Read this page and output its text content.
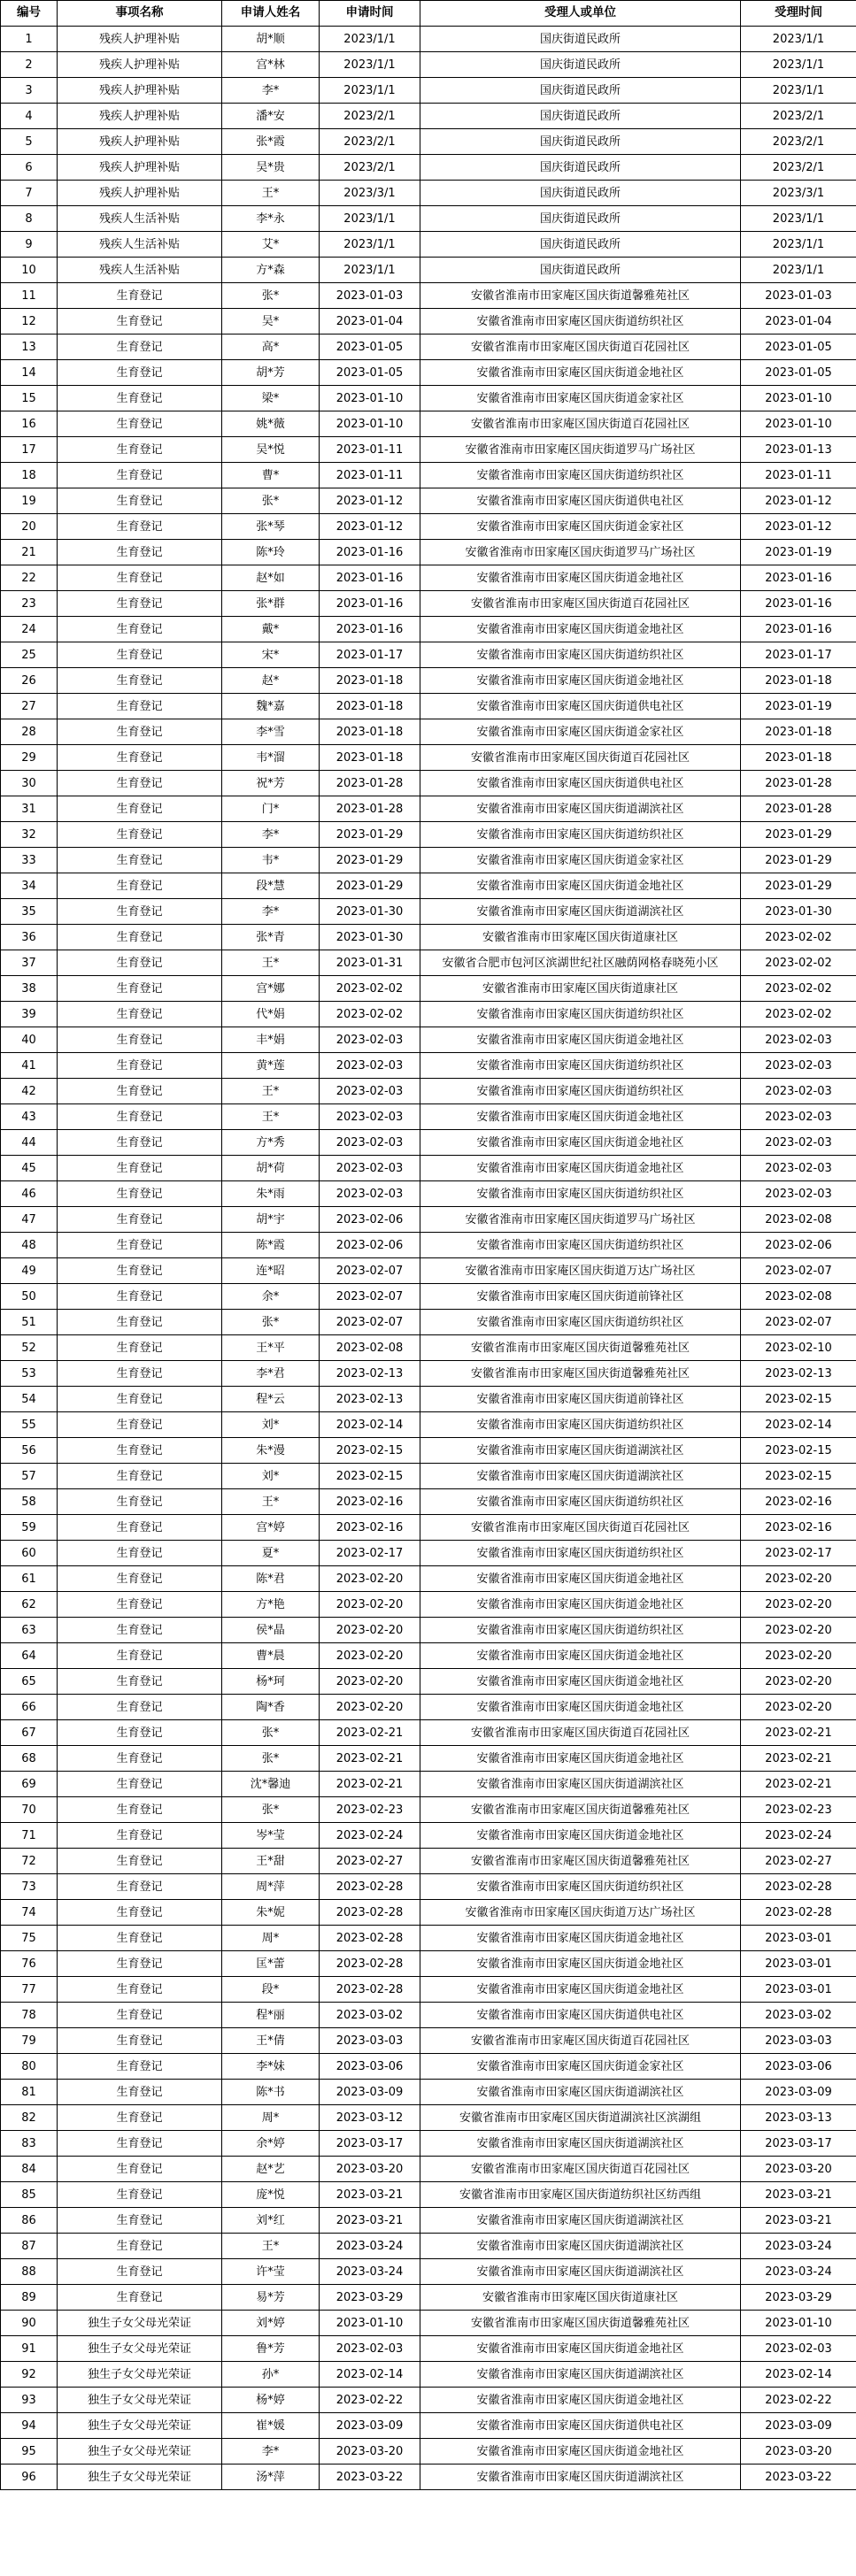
编号	事项名称	申请人姓名	申请时间	受理人或单位	受理时间
1	残疾人护理补贴	胡*顺	2023/1/1	国庆街道民政所	2023/1/1
2	残疾人护理补贴	宫*林	2023/1/1	国庆街道民政所	2023/1/1
3	残疾人护理补贴	李*	2023/1/1	国庆街道民政所	2023/1/1
4	残疾人护理补贴	潘*安	2023/2/1	国庆街道民政所	2023/2/1
5	残疾人护理补贴	张*霞	2023/2/1	国庆街道民政所	2023/2/1
6	残疾人护理补贴	吴*贵	2023/2/1	国庆街道民政所	2023/2/1
7	残疾人护理补贴	王*	2023/3/1	国庆街道民政所	2023/3/1
8	残疾人生活补贴	李*永	2023/1/1	国庆街道民政所	2023/1/1
9	残疾人生活补贴	艾*	2023/1/1	国庆街道民政所	2023/1/1
10	残疾人生活补贴	方*森	2023/1/1	国庆街道民政所	2023/1/1
11	生育登记	张*	2023-01-03	安徽省淮南市田家庵区国庆街道馨雅苑社区	2023-01-03
12	生育登记	吴*	2023-01-04	安徽省淮南市田家庵区国庆街道纺织社区	2023-01-04
13	生育登记	高*	2023-01-05	安徽省淮南市田家庵区国庆街道百花园社区	2023-01-05
14	生育登记	胡*芳	2023-01-05	安徽省淮南市田家庵区国庆街道金地社区	2023-01-05
15	生育登记	梁*	2023-01-10	安徽省淮南市田家庵区国庆街道金家社区	2023-01-10
16	生育登记	姚*薇	2023-01-10	安徽省淮南市田家庵区国庆街道百花园社区	2023-01-10
17	生育登记	吴*悦	2023-01-11	安徽省淮南市田家庵区国庆街道罗马广场社区	2023-01-13
18	生育登记	曹*	2023-01-11	安徽省淮南市田家庵区国庆街道纺织社区	2023-01-11
19	生育登记	张*	2023-01-12	安徽省淮南市田家庵区国庆街道供电社区	2023-01-12
20	生育登记	张*琴	2023-01-12	安徽省淮南市田家庵区国庆街道金家社区	2023-01-12
21	生育登记	陈*玲	2023-01-16	安徽省淮南市田家庵区国庆街道罗马广场社区	2023-01-19
22	生育登记	赵*如	2023-01-16	安徽省淮南市田家庵区国庆街道金地社区	2023-01-16
23	生育登记	张*群	2023-01-16	安徽省淮南市田家庵区国庆街道百花园社区	2023-01-16
24	生育登记	戴*	2023-01-16	安徽省淮南市田家庵区国庆街道金地社区	2023-01-16
25	生育登记	宋*	2023-01-17	安徽省淮南市田家庵区国庆街道纺织社区	2023-01-17
26	生育登记	赵*	2023-01-18	安徽省淮南市田家庵区国庆街道金地社区	2023-01-18
27	生育登记	魏*嘉	2023-01-18	安徽省淮南市田家庵区国庆街道供电社区	2023-01-19
28	生育登记	李*雪	2023-01-18	安徽省淮南市田家庵区国庆街道金家社区	2023-01-18
29	生育登记	韦*溜	2023-01-18	安徽省淮南市田家庵区国庆街道百花园社区	2023-01-18
30	生育登记	祝*芳	2023-01-28	安徽省淮南市田家庵区国庆街道供电社区	2023-01-28
31	生育登记	门*	2023-01-28	安徽省淮南市田家庵区国庆街道湖滨社区	2023-01-28
32	生育登记	李*	2023-01-29	安徽省淮南市田家庵区国庆街道纺织社区	2023-01-29
33	生育登记	韦*	2023-01-29	安徽省淮南市田家庵区国庆街道金家社区	2023-01-29
34	生育登记	段*慧	2023-01-29	安徽省淮南市田家庵区国庆街道金地社区	2023-01-29
35	生育登记	李*	2023-01-30	安徽省淮南市田家庵区国庆街道湖滨社区	2023-01-30
36	生育登记	张*青	2023-01-30	安徽省淮南市田家庵区国庆街道康社区	2023-02-02
37	生育登记	王*	2023-01-31	安徽省合肥市包河区滨湖世纪社区融荫网格春晓苑小区	2023-02-02
38	生育登记	宫*娜	2023-02-02	安徽省淮南市田家庵区国庆街道康社区	2023-02-02
39	生育登记	代*娟	2023-02-02	安徽省淮南市田家庵区国庆街道纺织社区	2023-02-02
40	生育登记	丰*娟	2023-02-03	安徽省淮南市田家庵区国庆街道金地社区	2023-02-03
41	生育登记	黄*莲	2023-02-03	安徽省淮南市田家庵区国庆街道纺织社区	2023-02-03
42	生育登记	王*	2023-02-03	安徽省淮南市田家庵区国庆街道纺织社区	2023-02-03
43	生育登记	王*	2023-02-03	安徽省淮南市田家庵区国庆街道金地社区	2023-02-03
44	生育登记	方*秀	2023-02-03	安徽省淮南市田家庵区国庆街道金地社区	2023-02-03
45	生育登记	胡*荷	2023-02-03	安徽省淮南市田家庵区国庆街道金地社区	2023-02-03
46	生育登记	朱*雨	2023-02-03	安徽省淮南市田家庵区国庆街道纺织社区	2023-02-03
47	生育登记	胡*宇	2023-02-06	安徽省淮南市田家庵区国庆街道罗马广场社区	2023-02-08
48	生育登记	陈*霞	2023-02-06	安徽省淮南市田家庵区国庆街道纺织社区	2023-02-06
49	生育登记	连*昭	2023-02-07	安徽省淮南市田家庵区国庆街道万达广场社区	2023-02-07
50	生育登记	余*	2023-02-07	安徽省淮南市田家庵区国庆街道前锋社区	2023-02-08
51	生育登记	张*	2023-02-07	安徽省淮南市田家庵区国庆街道纺织社区	2023-02-07
52	生育登记	王*平	2023-02-08	安徽省淮南市田家庵区国庆街道馨雅苑社区	2023-02-10
53	生育登记	李*君	2023-02-13	安徽省淮南市田家庵区国庆街道馨雅苑社区	2023-02-13
54	生育登记	程*云	2023-02-13	安徽省淮南市田家庵区国庆街道前锋社区	2023-02-15
55	生育登记	刘*	2023-02-14	安徽省淮南市田家庵区国庆街道纺织社区	2023-02-14
56	生育登记	朱*漫	2023-02-15	安徽省淮南市田家庵区国庆街道湖滨社区	2023-02-15
57	生育登记	刘*	2023-02-15	安徽省淮南市田家庵区国庆街道湖滨社区	2023-02-15
58	生育登记	王*	2023-02-16	安徽省淮南市田家庵区国庆街道纺织社区	2023-02-16
59	生育登记	宫*婷	2023-02-16	安徽省淮南市田家庵区国庆街道百花园社区	2023-02-16
60	生育登记	夏*	2023-02-17	安徽省淮南市田家庵区国庆街道纺织社区	2023-02-17
61	生育登记	陈*君	2023-02-20	安徽省淮南市田家庵区国庆街道金地社区	2023-02-20
62	生育登记	方*艳	2023-02-20	安徽省淮南市田家庵区国庆街道金地社区	2023-02-20
63	生育登记	侯*晶	2023-02-20	安徽省淮南市田家庵区国庆街道纺织社区	2023-02-20
64	生育登记	曹*晨	2023-02-20	安徽省淮南市田家庵区国庆街道金地社区	2023-02-20
65	生育登记	杨*珂	2023-02-20	安徽省淮南市田家庵区国庆街道金地社区	2023-02-20
66	生育登记	陶*香	2023-02-20	安徽省淮南市田家庵区国庆街道金地社区	2023-02-20
67	生育登记	张*	2023-02-21	安徽省淮南市田家庵区国庆街道百花园社区	2023-02-21
68	生育登记	张*	2023-02-21	安徽省淮南市田家庵区国庆街道金地社区	2023-02-21
69	生育登记	沈*馨迪	2023-02-21	安徽省淮南市田家庵区国庆街道湖滨社区	2023-02-21
70	生育登记	张*	2023-02-23	安徽省淮南市田家庵区国庆街道馨雅苑社区	2023-02-23
71	生育登记	岑*莹	2023-02-24	安徽省淮南市田家庵区国庆街道金地社区	2023-02-24
72	生育登记	王*甜	2023-02-27	安徽省淮南市田家庵区国庆街道馨雅苑社区	2023-02-27
73	生育登记	周*萍	2023-02-28	安徽省淮南市田家庵区国庆街道纺织社区	2023-02-28
74	生育登记	朱*妮	2023-02-28	安徽省淮南市田家庵区国庆街道万达广场社区	2023-02-28
75	生育登记	周*	2023-02-28	安徽省淮南市田家庵区国庆街道金地社区	2023-03-01
76	生育登记	匡*蕾	2023-02-28	安徽省淮南市田家庵区国庆街道金地社区	2023-03-01
77	生育登记	段*	2023-02-28	安徽省淮南市田家庵区国庆街道金地社区	2023-03-01
78	生育登记	程*丽	2023-03-02	安徽省淮南市田家庵区国庆街道供电社区	2023-03-02
79	生育登记	王*倩	2023-03-03	安徽省淮南市田家庵区国庆街道百花园社区	2023-03-03
80	生育登记	李*妹	2023-03-06	安徽省淮南市田家庵区国庆街道金家社区	2023-03-06
81	生育登记	陈*书	2023-03-09	安徽省淮南市田家庵区国庆街道湖滨社区	2023-03-09
82	生育登记	周*	2023-03-12	安徽省淮南市田家庵区国庆街道湖滨社区滨湖组	2023-03-13
83	生育登记	余*婷	2023-03-17	安徽省淮南市田家庵区国庆街道湖滨社区	2023-03-17
84	生育登记	赵*艺	2023-03-20	安徽省淮南市田家庵区国庆街道百花园社区	2023-03-20
85	生育登记	庞*悦	2023-03-21	安徽省淮南市田家庵区国庆街道纺织社区纺西组	2023-03-21
86	生育登记	刘*红	2023-03-21	安徽省淮南市田家庵区国庆街道湖滨社区	2023-03-21
87	生育登记	王*	2023-03-24	安徽省淮南市田家庵区国庆街道湖滨社区	2023-03-24
88	生育登记	许*莹	2023-03-24	安徽省淮南市田家庵区国庆街道湖滨社区	2023-03-24
89	生育登记	易*芳	2023-03-29	安徽省淮南市田家庵区国庆街道康社区	2023-03-29
90	独生子女父母光荣证	刘*婷	2023-01-10	安徽省淮南市田家庵区国庆街道馨雅苑社区	2023-01-10
91	独生子女父母光荣证	鲁*芳	2023-02-03	安徽省淮南市田家庵区国庆街道金地社区	2023-02-03
92	独生子女父母光荣证	孙*	2023-02-14	安徽省淮南市田家庵区国庆街道湖滨社区	2023-02-14
93	独生子女父母光荣证	杨*婷	2023-02-22	安徽省淮南市田家庵区国庆街道金地社区	2023-02-22
94	独生子女父母光荣证	崔*媛	2023-03-09	安徽省淮南市田家庵区国庆街道供电社区	2023-03-09
95	独生子女父母光荣证	李*	2023-03-20	安徽省淮南市田家庵区国庆街道金地社区	2023-03-20
96	独生子女父母光荣证	汤*萍	2023-03-22	安徽省淮南市田家庵区国庆街道湖滨社区	2023-03-22
